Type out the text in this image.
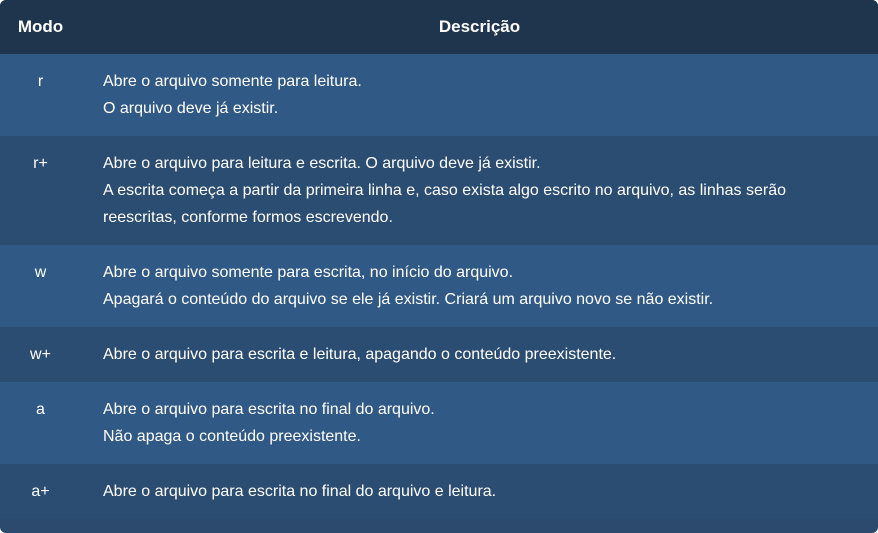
Modo	Descrição
r	Abre o arquivo somente para leitura.
O arquivo deve já existir.

r+	Abre o arquivo para leitura e escrita. O arquivo deve já existir.
A escrita começa a partir da primeira linha e, caso exista algo escrito no arquivo, as linhas serão reescritas, conforme formos escrevendo.

w	Abre o arquivo somente para escrita, no início do arquivo.
Apagará o conteúdo do arquivo se ele já existir. Criará um arquivo novo se não existir.

w+	Abre o arquivo para escrita e leitura, apagando o conteúdo preexistente.

a	Abre o arquivo para escrita no final do arquivo.
Não apaga o conteúdo preexistente.

a+	Abre o arquivo para escrita no final do arquivo e leitura.
